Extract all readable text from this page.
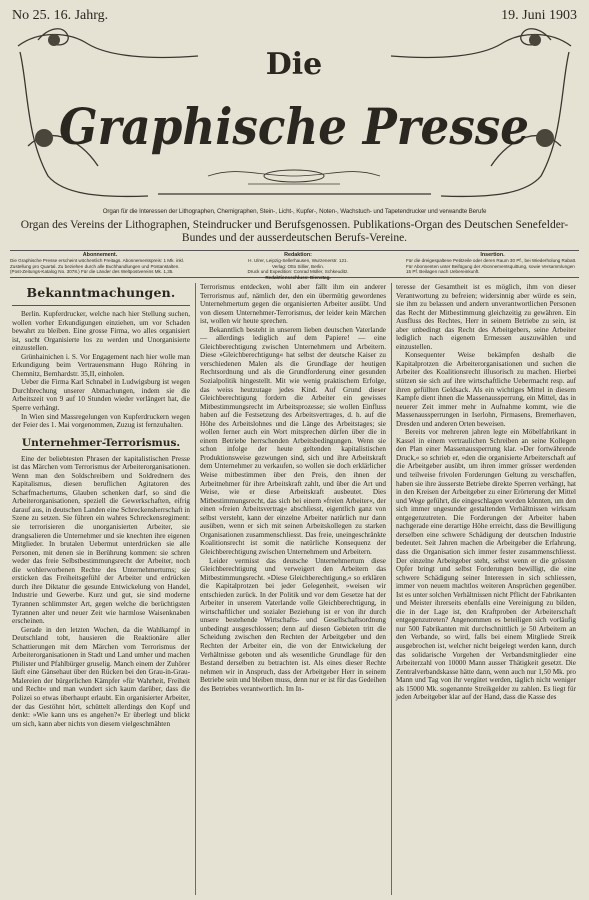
No 25. 16. Jahrg.	19. Juni 1903
Die
Graphische Presse
Organ für die Interessen der Lithographen, Chemigraphen, Stein-, Licht-, Kupfer-, Noten-, Wachstuch- und Tapetendrucker und verwandte Berufe
Organ des Vereins der Lithographen, Steindrucker und Berufsgenossen. Publikations-Organ des Deutschen Senefelder-Bundes und der ausserdeutschen Berufs-Vereine.
Abonnement.

Die Graphische Presse erscheint wöchentlich Freitags. Abonnementspreis: 1 Mk. inkl. Zustellung pro Quartal. Zu beziehen durch alle Buchhandlungen und Postanstalten. (Post-Zeitungs-Katalog No. 3078.) Für die Länder des Weltpostvereins Mk. 1,35.

Redaktion:

H. Ulrer, Leipzig-Sellerhausen, Wurzenerstr. 121.

Verlag: Otto Sillier, Berlin.

Druck und Expedition: Conrad Müller, Schkeuditz.

Redaktionsschluss: Dienstag.

Insertion.

Für die dreigespaltene Petitzeile oder deren Raum 30 Pf., bei Wiederholung Rabatt. Für Abonnenten unter Beifügung der Abonnementsquittung, sowie Versammlungen 15 Pf. Beilagen nach Uebereinkunft.

Bekanntmachungen.

Berlin. Kupferdrucker, welche nach hier Stellung suchen, wollen vorher Erkundigungen einziehen, um vor Schaden bewahrt zu bleiben. Eine grosse Firma, wo alles organisiert ist, sucht Organisierte los zu werden und Unorganisierte einzustellen.

Grünhainichen i. S. Vor Engagement nach hier wolle man Erkundigung beim Vertrauensmann Hugo Röhring in Chemnitz, Bernhardstr. 35,II, einholen.

Ueber die Firma Karl Schnabel in Ludwigsburg ist wegen Durchbrechung unserer Abmachungen, indem sie die Arbeitszeit von 9 auf 10 Stunden wieder verlängert hat, die Sperre verhängt.

In Wien sind Massregelungen von Kupferdruckern wegen der Feier des 1. Mai vorgenommen, Zuzug ist fernzuhalten.

Unternehmer-Terrorismus.

Eine der beliebtesten Phrasen der kapitalistischen Presse ist das Märchen vom Terrorismus der Arbeiterorganisationen. Wenn man den Soldschreibern und Soldrednern des Kapitalismus, diesen beruflichen Agitatoren des Scharfmachertums, Glauben schenken darf, so sind die Arbeiterorganisationen, speziell die Gewerkschaften, eifrig darauf aus, in deutschen Landen eine Schreckensherrschaft in Szene zu setzen. Sie führen ein wahres Schreckensregiment: sie terrorisieren die unorganisierten Arbeiter, sie drangsalieren die Unternehmer und sie knechten ihre eigenen Mitglieder. In brutalen Uebermut unterdrücken sie alle Personen, mit denen sie in Berührung kommen: sie schren weder das freie Selbstbestimmungsrecht der Arbeiter, noch die wohlerworbenen Rechte des Unternehmertums; sie ersticken das Freiheitsgefühl der Arbeiter und erdrücken durch ihre Diktatur die gesunde Entwickelung von Handel, Industrie und Gewerbe. Kurz und gut, sie sind moderne Tyrannen schlimmster Art, gegen welche die berüchtigsten Tyrannen alter und neuer Zeit wie harmlose Waisenknaben erscheinen.

Gerade in den letzten Wochen, da die Wahlkampf in Deutschland tobt, hausieren die Reaktionäre aller Schattierungen mit dem Märchen vom Terrorismus der Arbeiterorganisationen in Stadt und Land umher und machen Philister und Pfahlbürger gruselig. Manch einem der Zuhörer läuft eine Gänsehaut über den Rücken bei den Grau-in-Grau-Malereien der bürgerlichen Kämpfer »für Wahrheit, Freiheit und Recht« und man wundert sich kaum darüber, dass die Polizei so etwas überhaupt erlaubt. Ein organisierter Arbeiter, der das Gestöhnt hört, schüttelt allerdings den Kopf und denkt: »Wie kann uns es angehen?« Er überlegt und blickt um sich, kann aber nichts von diesem vielgeschmähten

Terrorismus entdecken, wohl aber fällt ihm ein anderer Terrorismus auf, nämlich der, den ein übermütig gewordenes Unternehmertum gegen die organisierten Arbeiter ausübt. Und von diesem Unternehmer-Terrorismus, der leider kein Märchen ist, wollen wir heute sprechen.

Bekanntlich besteht in unserem lieben deutschen Vaterlande — allerdings lediglich auf dem Papiere! — eine Gleichberechtigung zwischen Unternehmern und Arbeitern. Diese »Gleichberechtigung« hat selbst der deutsche Kaiser zu verschiedenen Malen als die Grundlage der heutigen Rechtsordnung und als die Grundforderung einer gesunden Sozialpolitik hingestellt. Mit wie wenig praktischem Erfolge, das weiss heutzutage jedes Kind. Auf Grund dieser Gleichberechtigung fordern die Arbeiter ein gewisses Mitbestimmungsrecht im Arbeitsprozesse; sie wollen Einfluss haben auf die Festsetzung des Arbeitsvertrages, d. h. auf die Höhe des Arbeitslohnes und die Länge des Arbeitstages; sie wollen ferner auch ein Wort mitsprechen dürfen über die in einem Betriebe herrschenden Arbeitsbedingungen. Wenn sie schon infolge der heute geltenden kapitalistischen Produktionsweise gezwungen sind, sich und ihre Arbeitskraft dem Unternehmer zu verkaufen, so wollen sie doch erklärlicher Weise mitbestimmen über den Preis, den ihnen der Arbeitnehmer für ihre Arbeitskraft zahlt, und über die Art und Weise, wie er diese Arbeitskraft ausbeutet. Dies Mitbestimmungsrecht, das sich bei einem »freien Arbeiter«, der einen »freien Arbeitsvertrag« abschliesst, eigentlich ganz von selbst versteht, kann der einzelne Arbeiter natürlich nur dann ausüben, wenn er sich mit seinen Arbeitskollegen zu starken Organisationen zusammenschliesst. Das freie, uneingeschränkte Koalitionsrecht ist somit die natürliche Konsequenz der Gleichberechtigung zwischen Unternehmern und Arbeitern.

Leider vermisst das deutsche Unternehmertum diese Gleichberechtigung und verweigert den Arbeitern das Mitbestimmungsrecht. »Diese Gleichberechtigung,« so erklären die Kapitalprotzen bei jeder Gelegenheit, »weisen wir entschieden zurück. In der Politik und vor dem Gesetze hat der Arbeiter in unserem Vaterlande volle Gleichberechtigung, in wirtschaftlicher und sozialer Beziehung ist er von ihr durch unsere bestehende Wirtschafts- und Gesellschaftsordnung unbedingt ausgeschlossen; denn auf diesen Gebieten tritt die Scheidung zwischen den Rechten der Arbeitgeber und den Rechten der Arbeiter ein, die von der Entwickelung der Verhältnisse geboten und als wesentliche Grundlage für den Bestand derselben zu betrachten ist. Als eines dieser Rechte nehmen wir in Anspruch, dass der Arbeitgeber Herr in seinem Betriebe sein und bleiben muss, denn nur er ist für das Gedeihen des Betriebes verantwortlich. Im In-

teresse der Gesamtheit ist es möglich, ihm von dieser Verantwortung zu befreien; widersinnig aber würde es sein, sie ihm zu belassen und andern unverantwortlichen Personen das Recht der Mitbestimmung gleichzeitig zu gewähren. Ein Ausfluss des Rechtes, Herr in seinem Betriebe zu sein, ist aber unbedingt das Recht des Arbeitgebers, seine Arbeiter lediglich nach eigenem Ermessen auszuwählen und einzustellen.

Konsequenter Weise bekämpfen deshalb die Kapitalprotzen die Arbeiterorganisationen und suchen die Arbeiter des Koalitionsrecht illusorisch zu machen. Hierbei stützen sie sich auf ihre wirtschaftliche Uebermacht resp. auf ihren gefüllten Geldsack. Als ein wichtiges Mittel in diesem Kampfe dient ihnen die Massenaussperrung, ein Mittel, das in neuerer Zeit immer mehr in Aufnahme kommt, wie die Massenaussperrungen in Iserlohn, Pirmasens, Bremerhaven, Dresden und anderen Orten beweisen.

Bereits vor mehreren jahren legte ein Möbelfabrikant in Kassel in einem vertraulichen Schreiben an seine Kollegen den Plan einer Massenaussperrung klar. »Der fortwährende Druck,« so schrieb er, »den die organisierte Arbeiterschaft auf die Arbeitgeber ausübt, um ihren immer grösser werdenden und teilweise frivolen Forderungen Geltung zu verschaffen, haben sie ihre äusserste Betriebe direkte Sperren verhängt, hat in den Kreisen der Arbeitgeber zu einer Erörterung der Mittel und Wege geführt, die eingeschlagen werden könnten, um den sich immer ungesunder gestaltenden Verhältnissen wirksam entgegenzutreten. Die Forderungen der Arbeiter haben nachgerade eine derartige Höhe erreicht, dass die Bewilligung derselben eine schwere Schädigung der deutschen Industrie bedeutet. Seit Jahren machen die Arbeitgeber die Erfahrung, dass die Organisation sich immer fester zusammenschliesst. Der einzelne Arbeitgeber steht, selbst wenn er die grössten Opfer bringt und selbst Forderungen bewilligt, die eine schwere Schädigung seiner Interessen in sich schliessen, immer von neuem machtlos weiteren Ansprüchen gegenüber. Ist es unter solchen Verhältnissen nicht Pflicht der Fabrikanten und Meister ihrerseits ebenfalls eine Vereinigung zu bilden, die in der Lage ist, den Kraftproben der Arbeiterschaft entgegenzutreten? Angenommen es beteiligen sich vorläufig nur 500 Fabrikanten mit durchschnittlich je 50 Arbeitern an den Verbande, so wird, falls bei einem Mitgliede Streik ausgebrochen ist, welcher nicht beigelegt werden kann, durch das solidarische Vorgehen der Verbandsmitglieder eine Arbeiterzahl von 10000 Mann ausser Thätigkeit gesetzt. Die Zentralverbandskasse hätte dann, wenn auch nur 1,50 Mk. pro Mann und Tag von ihr vergütet werden, täglich nicht weniger als 15000 Mk. sogenannte Streikgelder zu zahlen. Es liegt für jeden Arbeitgeber klar auf der Hand, dass die Kasse des
